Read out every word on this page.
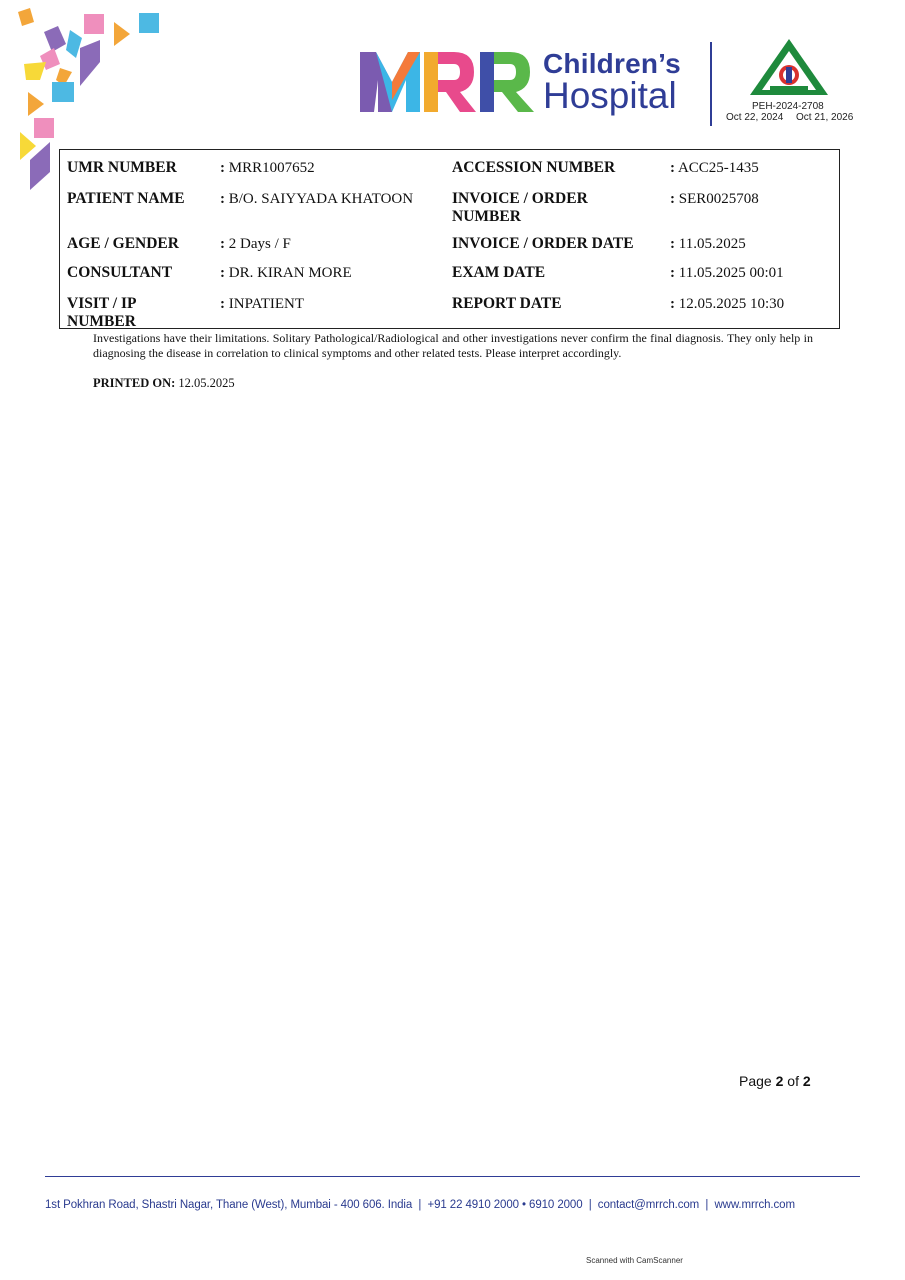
Children’s
Hospital	PEH-2024-2708
Oct 22, 2024 Oct 21, 2026
UMR NUMBER
PATIENT NAME
AGE / GENDER
CONSULTANT
VISIT / IP
NUMBER
: MRR1007652
: B/O. SAIYYADA KHATOON
: 2 Days / F
: DR. KIRAN MORE
: INPATIENT
ACCESSION NUMBER
INVOICE / ORDER
NUMBER
INVOICE / ORDER DATE
EXAM DATE
REPORT DATE
: ACC25-1435
: SER0025708
: 11.05.2025
: 11.05.2025 00:01
: 12.05.2025 10:30
Investigations have their limitations. Solitary Pathological/Radiological and other investigations never confirm the final diagnosis. They only help in diagnosing the disease in correlation to clinical symptoms and other related tests. Please interpret accordingly.
PRINTED ON: 12.05.2025
Page 2 of 2
1st Pokhran Road, Shastri Nagar, Thane (West), Mumbai - 400 606. India | +91 22 4910 2000 • 6910 2000 | contact@mrrch.com | www.mrrch.com
Scanned with CamScanner
